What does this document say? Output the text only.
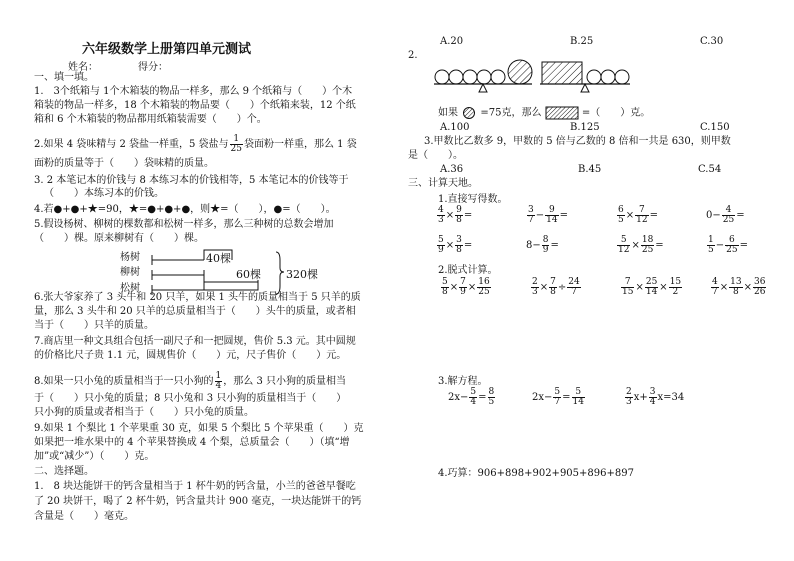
六年级数学上册第四单元测试
姓名：	得分：
一、填一填。
1.　3个纸箱与 1个木箱装的物品一样多，那么 9 个纸箱与（　　）个木
箱装的物品一样多，18 个木箱装的物品要（　　）个纸箱来装，12 个纸
箱和 6 个木箱装的物品都用纸箱装需要（　　）个。
2.如果 4 袋味精与 2 袋盐一样重，5 袋盐与 $\frac{1}{25}$ 袋面粉一样重，那么 1 袋
面粉的质量等于（　　）袋味精的质量。
3. 2 本笔记本的价钱与 8 本练习本的价钱相等，5 本笔记本的价钱等于
（　　）本练习本的价钱。
4.若●+●+★=90，★=●+●+●，则★=（　　），●=（　　）。
5.假设杨树、柳树的棵数都和松树一样多，那么三种树的总数会增加
（　　）棵。原来柳树有（　　）棵。
杨树
柳树
松树
40棵
60棵 320棵
6.张大爷家养了 3 头牛和 20 只羊，如果 1 头牛的质量相当于 5 只羊的质
量，那么 3 头牛和 20 只羊的总质量相当于（　　）头牛的质量，或者相
当于（　　）只羊的质量。
7.商店里一种文具组合包括一副尺子和一把圆规，售价 5.3 元。其中圆规
的价格比尺子贵 1.1 元，圆规售价（　　）元，尺子售价（　　）元。
8.如果一只小兔的质量相当于一只小狗的 $\frac{1}{4}$ ，那么 3 只小狗的质量相当
于（　　）只小兔的质量；8 只小兔和 3 只小狗的质量相当于（　　）
只小狗的质量或者相当于（　　）只小兔的质量。
9.如果 1 个梨比 1 个苹果重 30 克，如果 5 个梨比 5 个苹果重（　　）克
如果把一堆水果中的 4 个苹果替换成 4 个梨，总质量会（　　）（填“增
加”或“减少”）（　　）克。
二、选择题。
1.　8 块达能饼干的钙含量相当于 1 杯牛奶的钙含量，小兰的爸爸早餐吃
了 20 块饼干，喝了 2 杯牛奶，钙含量共计 900 毫克，一块达能饼干的钙
含量是（　　）毫克。
A.20	B.25	C.30
2.
如果 =75克，那么	=（　　）克。
A.100	B.125	C.150
3.甲数比乙数多 9，甲数的 5 倍与乙数的 8 倍和一共是 630，则甲数
是（　　）。
A.36	B.45	C.54
三、计算天地。
1.直接写得数。
$\frac{4}{3} \times \frac{9}{8}$ =	$\frac{3}{7} - \frac{9}{14}$ =	$\frac{6}{5} \times \frac{7}{12}$ =	$0- \frac{4}{25}$ =
$\frac{5}{9} \times \frac{3}{8}$ =	$8- \frac{8}{9}$ =	$\frac{5}{12} \times \frac{18}{25}$ =	$\frac{1}{5} - \frac{6}{25}$ =
2.脱式计算。
$\frac{5}{8} \times \frac{7}{9} \times \frac{16}{25}$	$\frac{2}{3} \times \frac{7}{8} \div \frac{24}{7}$	$\frac{7}{15} \times \frac{25}{14} \times \frac{15}{2}$	$\frac{4}{7} \times \frac{13}{8} \times \frac{36}{26}$
3.解方程。
$2x- \frac{5}{4} = \frac{8}{5}$	$2x- \frac{5}{7} = \frac{5}{14}$	$\frac{2}{3} x+ \frac{3}{4} x=34$
4.巧算：906+898+902+905+896+897
